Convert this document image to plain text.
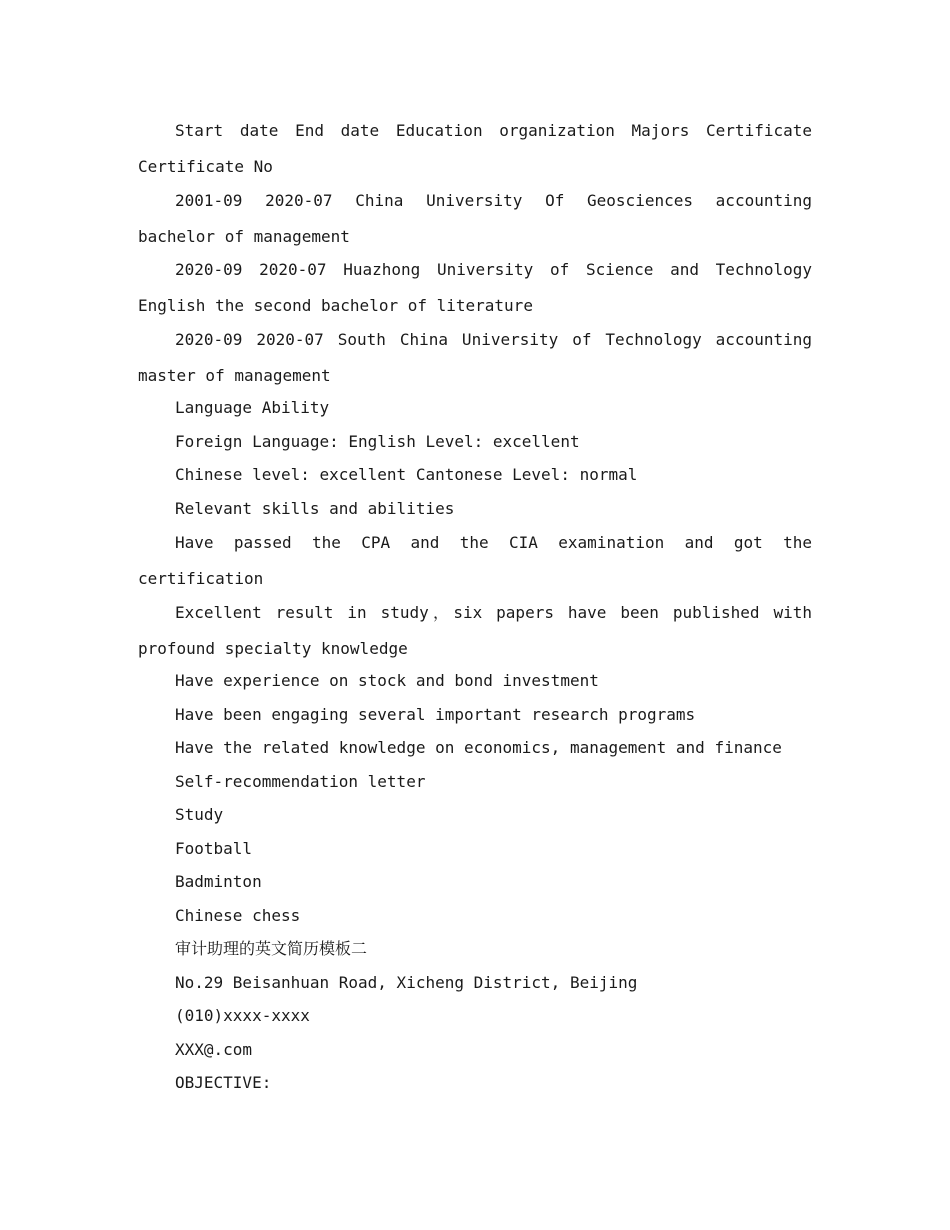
Start date End date Education organization Majors Certificate Certificate No

2001-09 2020-07 China University Of Geosciences accounting bachelor of management

2020-09 2020-07 Huazhong University of Science and Technology English the second bachelor of literature

2020-09 2020-07 South China University of Technology accounting master of management

Language Ability

Foreign Language: English Level: excellent

Chinese level: excellent Cantonese Level: normal

Relevant skills and abilities

Have passed the CPA and the CIA examination and got the certification

Excellent result in study，six papers have been published with profound specialty knowledge

Have experience on stock and bond investment

Have been engaging several important research programs

Have the related knowledge on economics, management and finance

Self-recommendation letter

Study

Football

Badminton

Chinese chess

审计助理的英文简历模板二

No.29 Beisanhuan Road, Xicheng District, Beijing

(010)xxxx-xxxx

XXX@.com

OBJECTIVE:
